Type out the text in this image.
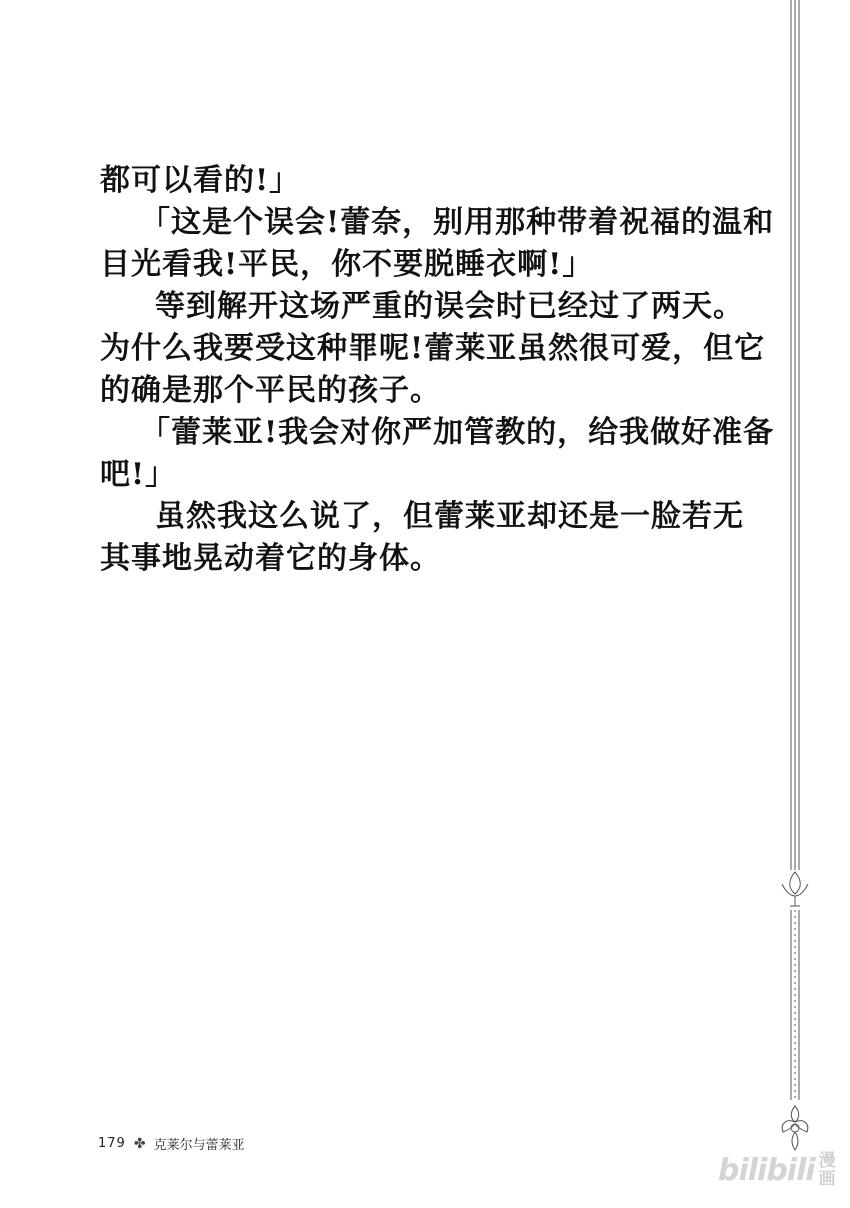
都可以看的!」
「这是个误会!蕾奈，别用那种带着祝福的温和
目光看我!平民，你不要脱睡衣啊!」
等到解开这场严重的误会时已经过了两天。
为什么我要受这种罪呢!蕾莱亚虽然很可爱，但它
的确是那个平民的孩子。
「蕾莱亚!我会对你严加管教的，给我做好准备
吧!」
虽然我这么说了，但蕾莱亚却还是一脸若无
其事地晃动着它的身体。
179 ✤ 克莱尔与蕾莱亚
bilibili 漫
画
